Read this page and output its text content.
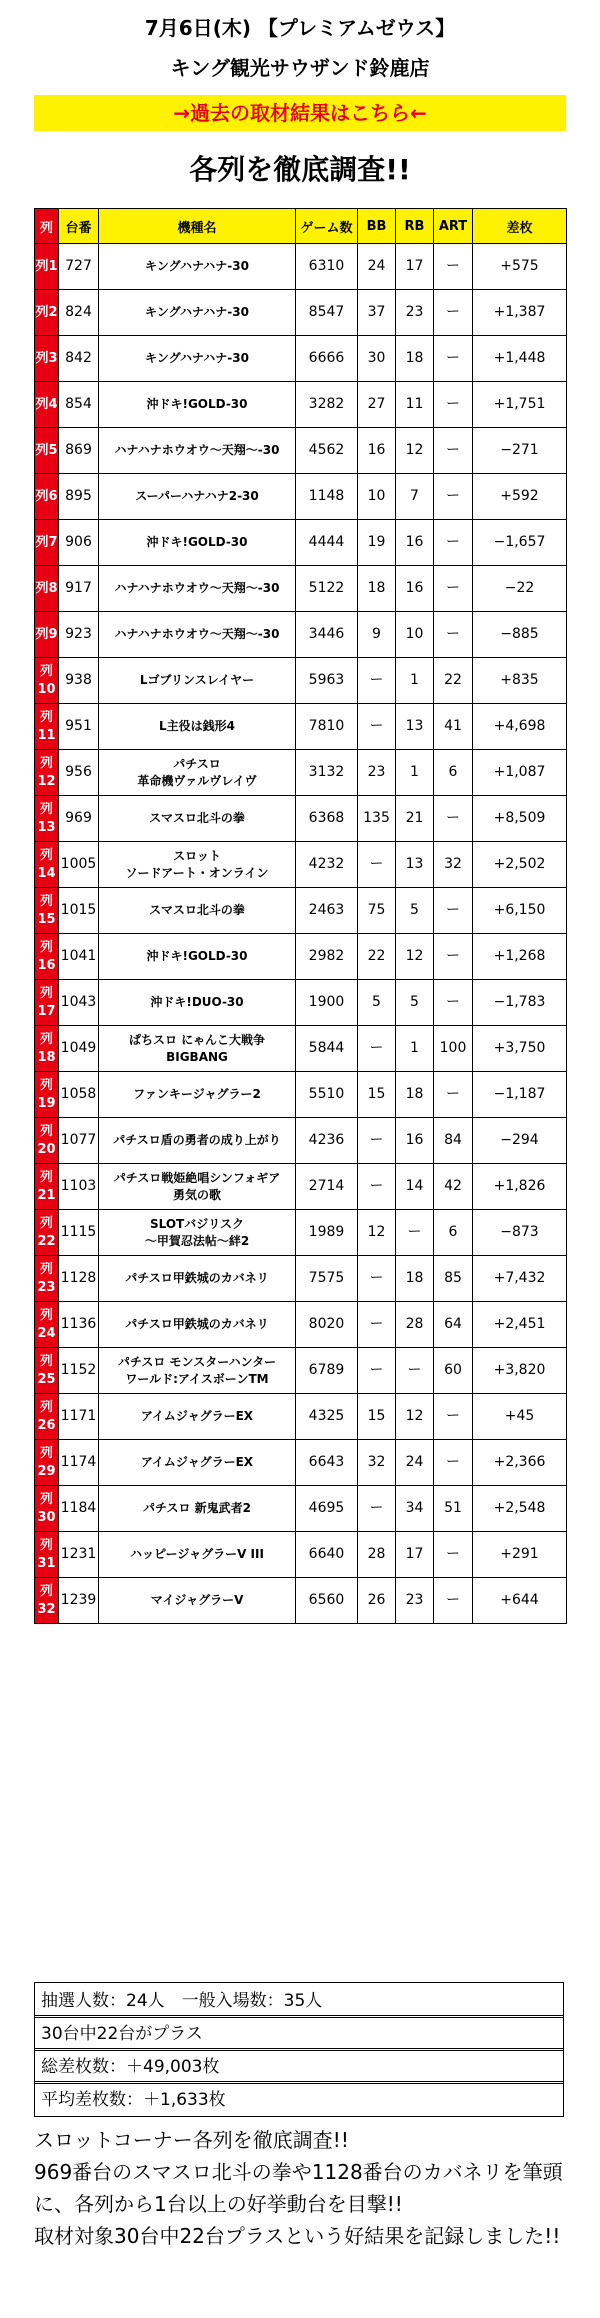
7月6日(木) 【プレミアムゼウス】
キング観光サウザンド鈴鹿店
→過去の取材結果はこちら←
各列を徹底調査!!
列	台番	機種名	ゲーム数	BB	RB	ART	差枚
列1	727	キングハナハナ-30	6310	24	17	ー	+575
列2	824	キングハナハナ-30	8547	37	23	ー	+1,387
列3	842	キングハナハナ-30	6666	30	18	ー	+1,448
列4	854	沖ドキ!GOLD-30	3282	27	11	ー	+1,751
列5	869	ハナハナホウオウ〜天翔〜-30	4562	16	12	ー	−271
列6	895	スーパーハナハナ2-30	1148	10	7	ー	+592
列7	906	沖ドキ!GOLD-30	4444	19	16	ー	−1,657
列8	917	ハナハナホウオウ〜天翔〜-30	5122	18	16	ー	−22
列9	923	ハナハナホウオウ〜天翔〜-30	3446	9	10	ー	−885
列10	938	Lゴブリンスレイヤー	5963	ー	1	22	+835
列11	951	L主役は銭形4	7810	ー	13	41	+4,698
列12	956	パチスロ
革命機ヴァルヴレイヴ	3132	23	1	6	+1,087
列13	969	スマスロ北斗の拳	6368	135	21	ー	+8,509
列14	1005	スロット
ソードアート・オンライン	4232	ー	13	32	+2,502
列15	1015	スマスロ北斗の拳	2463	75	5	ー	+6,150
列16	1041	沖ドキ!GOLD-30	2982	22	12	ー	+1,268
列17	1043	沖ドキ!DUO-30	1900	5	5	ー	−1,783
列18	1049	ぱちスロ にゃんこ大戦争
BIGBANG	5844	ー	1	100	+3,750
列19	1058	ファンキージャグラー2	5510	15	18	ー	−1,187
列20	1077	パチスロ盾の勇者の成り上がり	4236	ー	16	84	−294
列21	1103	パチスロ戦姫絶唱シンフォギア
勇気の歌	2714	ー	14	42	+1,826
列22	1115	SLOTバジリスク
〜甲賀忍法帖〜絆2	1989	12	ー	6	−873
列23	1128	パチスロ甲鉄城のカバネリ	7575	ー	18	85	+7,432
列24	1136	パチスロ甲鉄城のカバネリ	8020	ー	28	64	+2,451
列25	1152	パチスロ モンスターハンター
ワールド:アイスボーンTM	6789	ー	ー	60	+3,820
列26	1171	アイムジャグラーEX	4325	15	12	ー	+45
列29	1174	アイムジャグラーEX	6643	32	24	ー	+2,366
列30	1184	パチスロ 新鬼武者2	4695	ー	34	51	+2,548
列31	1231	ハッピージャグラーV III	6640	28	17	ー	+291
列32	1239	マイジャグラーV	6560	26	23	ー	+644
抽選人数：24人　一般入場数：35人
30台中22台がプラス
総差枚数：＋49,003枚
平均差枚数：＋1,633枚

スロットコーナー各列を徹底調査!!
969番台のスマスロ北斗の拳や1128番台のカバネリを筆頭に、各列から1台以上の好挙動台を目撃!!
取材対象30台中22台プラスという好結果を記録しました!!
